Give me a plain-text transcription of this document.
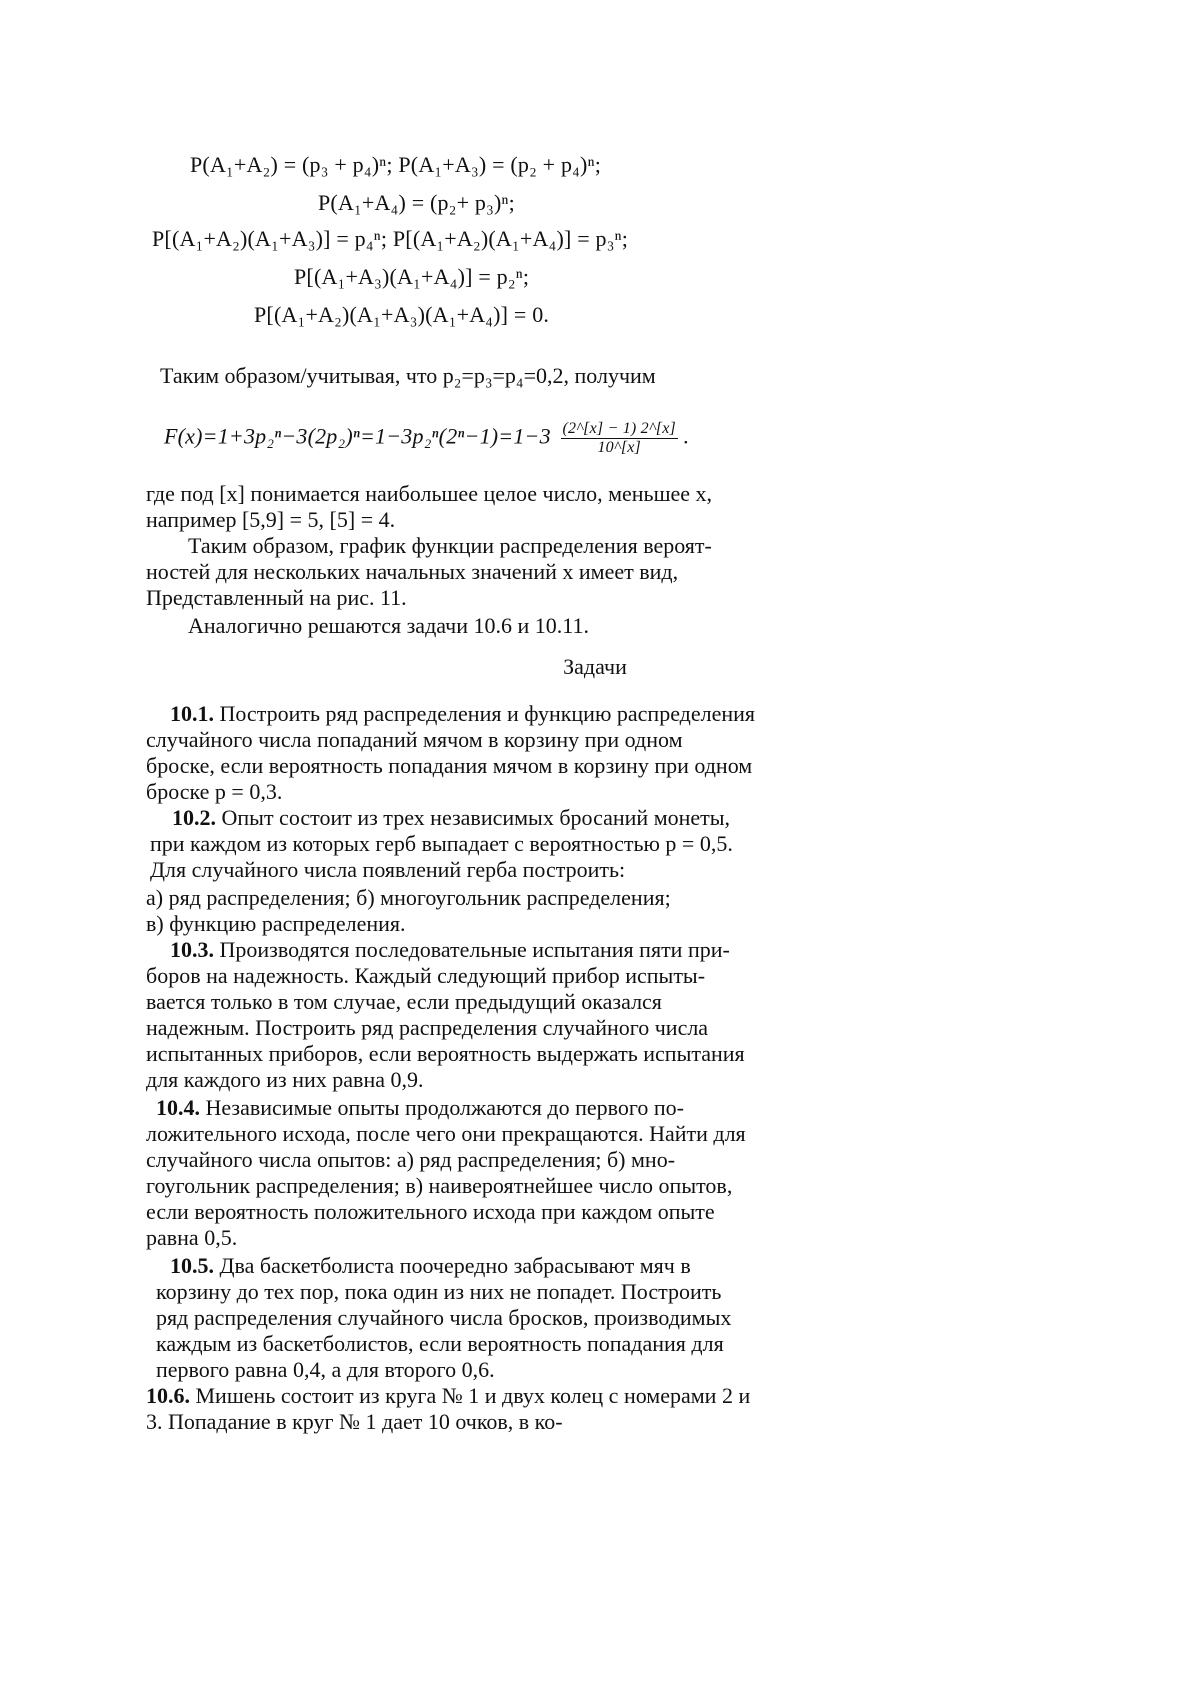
P(A₁+A₂) = (p₃ + p₄)ⁿ; P(A₁+A₃) = (p₂ + p₄)ⁿ;
P(A₁+A₄) = (p₂+ p₃)ⁿ;
P[(A₁+A₂)(A₁+A₃)] = p₄ⁿ; P[(A₁+A₂)(A₁+A₄)] = p₃ⁿ;
P[(A₁+A₃)(A₁+A₄)] = p₂ⁿ;
P[(A₁+A₂)(A₁+A₃)(A₁+A₄)] = 0.
Таким образом/учитывая, что p₂=p₃=p₄=0,2, получим
$F(x)=1+3p_2^n-3(2p_2)^n=1-3p_2^n(2^n-1)=1-3 \frac{(2\^{}[x] - 1) 2\^{}[x]}{10\^{}[x]}$ .
где под [x] понимается наибольшее целое число, меньшее x,
например [5,9] = 5, [5] = 4.
Таким образом, график функции распределения вероят-
ностей для нескольких начальных значений x имеет вид,
Представленный на рис. 11.
Аналогично решаются задачи 10.6 и 10.11.
Задачи
10.1. Построить ряд распределения и функцию распределения
случайного числа попаданий мячом в корзину при одном
броске, если вероятность попадания мячом в корзину при одном
броске p = 0,3.
10.2. Опыт состоит из трех независимых бросаний монеты,
при каждом из которых герб выпадает с вероятностью p = 0,5.
Для случайного числа появлений герба построить:
а) ряд распределения; б) многоугольник распределения;
в) функцию распределения.
10.3. Производятся последовательные испытания пяти при-
боров на надежность. Каждый следующий прибор испыты-
вается только в том случае, если предыдущий оказался
надежным. Построить ряд распределения случайного числа
испытанных приборов, если вероятность выдержать испытания
для каждого из них равна 0,9.
10.4. Независимые опыты продолжаются до первого по-
ложительного исхода, после чего они прекращаются. Найти для
случайного числа опытов: а) ряд распределения; б) мно-
гоугольник распределения; в) наивероятнейшее число опытов,
если вероятность положительного исхода при каждом опыте
равна 0,5.
10.5. Два баскетболиста поочередно забрасывают мяч в
корзину до тех пор, пока один из них не попадет. Построить
ряд распределения случайного числа бросков, производимых
каждым из баскетболистов, если вероятность попадания для
первого равна 0,4, а для второго 0,6.
10.6. Мишень состоит из круга № 1 и двух колец с номерами 2 и
3. Попадание в круг № 1 дает 10 очков, в ко-
